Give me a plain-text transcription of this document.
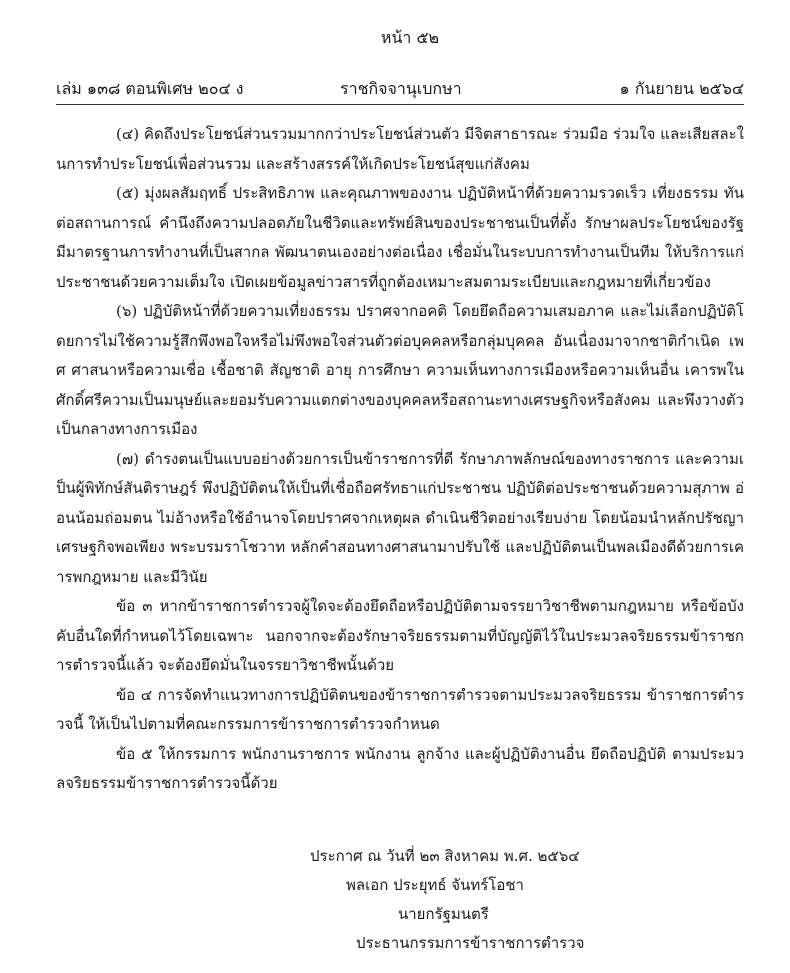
หน้า ๕๒
เล่ม ๑๓๘ ตอนพิเศษ ๒๐๔ ง	ราชกิจจานุเบกษา	๑ กันยายน ๒๕๖๔

(๔) คิดถึงประโยชน์ส่วนรวมมากกว่าประโยชน์ส่วนตัว มีจิตสาธารณะ ร่วมมือ ร่วมใจ และเสียสละในการทำประโยชน์เพื่อส่วนรวม และสร้างสรรค์ให้เกิดประโยชน์สุขแก่สังคม

(๕) มุ่งผลสัมฤทธิ์ ประสิทธิภาพ และคุณภาพของงาน ปฏิบัติหน้าที่ด้วยความรวดเร็ว เที่ยงธรรม ทันต่อสถานการณ์ คำนึงถึงความปลอดภัยในชีวิตและทรัพย์สินของประชาชนเป็นที่ตั้ง รักษาผลประโยชน์ของรัฐ มีมาตรฐานการทำงานที่เป็นสากล พัฒนาตนเองอย่างต่อเนื่อง เชื่อมั่นในระบบการทำงานเป็นทีม ให้บริการแก่ประชาชนด้วยความเต็มใจ เปิดเผยข้อมูลข่าวสารที่ถูกต้องเหมาะสมตามระเบียบและกฎหมายที่เกี่ยวข้อง

(๖) ปฏิบัติหน้าที่ด้วยความเที่ยงธรรม ปราศจากอคติ โดยยึดถือความเสมอภาค และไม่เลือกปฏิบัติโดยการไม่ใช้ความรู้สึกพึงพอใจหรือไม่พึงพอใจส่วนตัวต่อบุคคลหรือกลุ่มบุคคล อันเนื่องมาจากชาติกำเนิด เพศ ศาสนาหรือความเชื่อ เชื้อชาติ สัญชาติ อายุ การศึกษา ความเห็นทางการเมืองหรือความเห็นอื่น เคารพในศักดิ์ศรีความเป็นมนุษย์และยอมรับความแตกต่างของบุคคลหรือสถานะทางเศรษฐกิจหรือสังคม และพึงวางตัวเป็นกลางทางการเมือง

(๗) ดำรงตนเป็นแบบอย่างด้วยการเป็นข้าราชการที่ดี รักษาภาพลักษณ์ของทางราชการ และความเป็นผู้พิทักษ์สันติราษฎร์ พึงปฏิบัติตนให้เป็นที่เชื่อถือศรัทธาแก่ประชาชน ปฏิบัติต่อประชาชนด้วยความสุภาพ อ่อนน้อมถ่อมตน ไม่อ้างหรือใช้อำนาจโดยปราศจากเหตุผล ดำเนินชีวิตอย่างเรียบง่าย โดยน้อมนำหลักปรัชญาเศรษฐกิจพอเพียง พระบรมราโชวาท หลักคำสอนทางศาสนามาปรับใช้ และปฏิบัติตนเป็นพลเมืองดีด้วยการเคารพกฎหมาย และมีวินัย

ข้อ ๓ หากข้าราชการตำรวจผู้ใดจะต้องยึดถือหรือปฏิบัติตามจรรยาวิชาชีพตามกฎหมาย หรือข้อบังคับอื่นใดที่กำหนดไว้โดยเฉพาะ นอกจากจะต้องรักษาจริยธรรมตามที่บัญญัติไว้ในประมวลจริยธรรมข้าราชการตำรวจนี้แล้ว จะต้องยึดมั่นในจรรยาวิชาชีพนั้นด้วย

ข้อ ๔ การจัดทำแนวทางการปฏิบัติตนของข้าราชการตำรวจตามประมวลจริยธรรม ข้าราชการตำรวจนี้ ให้เป็นไปตามที่คณะกรรมการข้าราชการตำรวจกำหนด

ข้อ ๕ ให้กรรมการ พนักงานราชการ พนักงาน ลูกจ้าง และผู้ปฏิบัติงานอื่น ยึดถือปฏิบัติ ตามประมวลจริยธรรมข้าราชการตำรวจนี้ด้วย

ประกาศ ณ วันที่ ๒๓ สิงหาคม พ.ศ. ๒๕๖๔
พลเอก ประยุทธ์ จันทร์โอชา
นายกรัฐมนตรี
ประธานกรรมการข้าราชการตำรวจ
